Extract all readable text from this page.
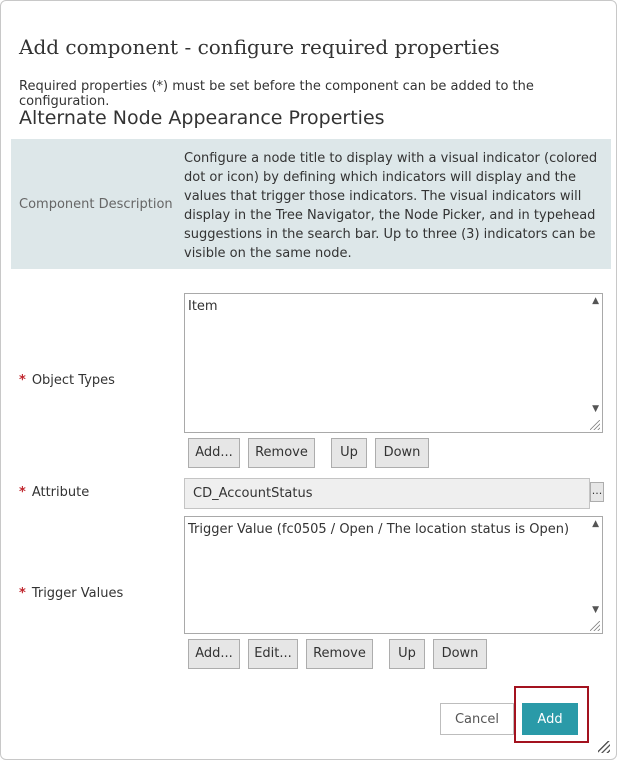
Add component - configure required properties
Required properties (*) must be set before the component can be added to the configuration.
Alternate Node Appearance Properties
Component Description
Configure a node title to display with a visual indicator (colored dot or icon) by defining which indicators will display and the values that trigger those indicators. The visual indicators will display in the Tree Navigator, the Node Picker, and in typehead suggestions in the search bar. Up to three (3) indicators can be visible on the same node.
* Object Types
Item	▲
▼
Add...	Remove	Up	Down
* Attribute	CD_AccountStatus	...
* Trigger Values
Trigger Value (fc0505 / Open / The location status is Open)	▲
▼
Add...	Edit...	Remove	Up	Down
Cancel	Add
